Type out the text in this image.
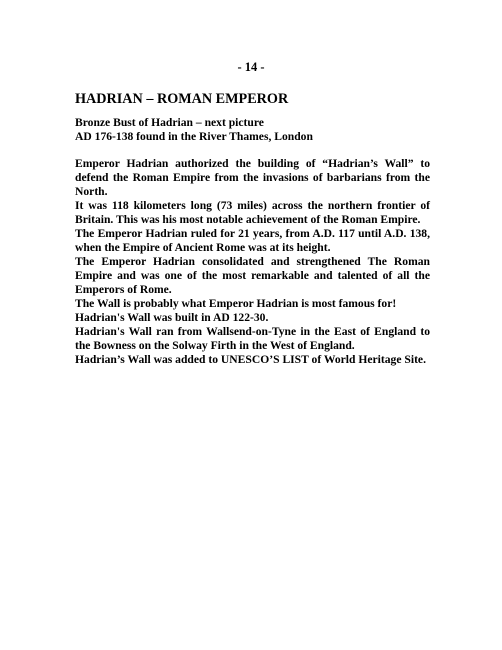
- 14 -
HADRIAN – ROMAN EMPEROR
Bronze Bust of Hadrian – next picture
AD 176-138 found in the River Thames, London

Emperor Hadrian authorized the building of “Hadrian’s Wall” to defend the Roman Empire from the invasions of barbarians from the North.

It was 118 kilometers long (73 miles) across the northern frontier of Britain. This was his most notable achievement of the Roman Empire.

The Emperor Hadrian ruled for 21 years, from A.D. 117 until A.D. 138, when the Empire of Ancient Rome was at its height.

The Emperor Hadrian consolidated and strengthened The Roman Empire and was one of the most remarkable and talented of all the Emperors of Rome.

The Wall is probably what Emperor Hadrian is most famous for!

Hadrian's Wall was built in AD 122-30.

Hadrian's Wall ran from Wallsend-on-Tyne in the East of England to the Bowness on the Solway Firth in the West of England.

Hadrian’s Wall was added to UNESCO’S LIST of World Heritage Site.
